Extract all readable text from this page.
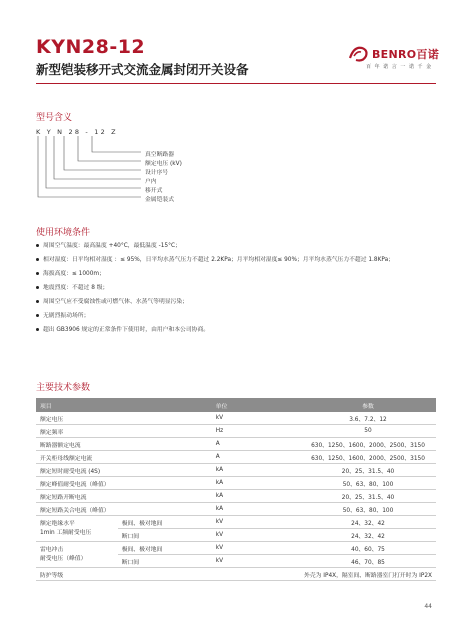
KYN28-12
新型铠装移开式交流金属封闭开关设备
BENRO百诺
百 年 诺 言 一 诺 千 金
型号含义
K Y N 28 - 12 Z
真空断路器
额定电压 (kV)
设计序号
户内
移开式
金属铠装式
使用环境条件
周围空气温度：最高温度 +40°C，最低温度 -15°C；
相对湿度：日平均相对湿度 ：≤ 95%，日平均水蒸气压力不超过 2.2KPa；月平均相对湿度≤ 90%；月平均水蒸气压力不超过 1.8KPa；
海拔高度：≤ 1000m；
地震烈度：不超过 8 级；
周围空气应不受腐蚀性或可燃气体、水蒸气等明显污染；
无剧烈振动场所；
超出 GB3906 规定的正常条件下使用时，由用户和本公司协商。
主要技术参数
项目		单位	参数
额定电压		kV	3.6、7.2、12
额定频率		Hz	50
断路器额定电流		A	630、1250、1600、2000、2500、3150
开关柜母线额定电流		A	630、1250、1600、2000、2500、3150
额定短时耐受电流 (4S)		kA	20、25、31.5、40
额定峰值耐受电流（峰值）		kA	50、63、80、100
额定短路开断电流		kA	20、25、31.5、40
额定短路关合电流（峰值）		kA	50、63、80、100
额定绝缘水平
1min 工频耐受电压	极间、极对地间	kV	24、32、42
	断口间	kV	24、32、42
雷电冲击
耐受电压（峰值）	极间、极对地间	kV	40、60、75
	断口间	kV	46、70、85
防护等级			外壳为 IP4X，隔室间、断路器室门打开时为 IP2X
44
